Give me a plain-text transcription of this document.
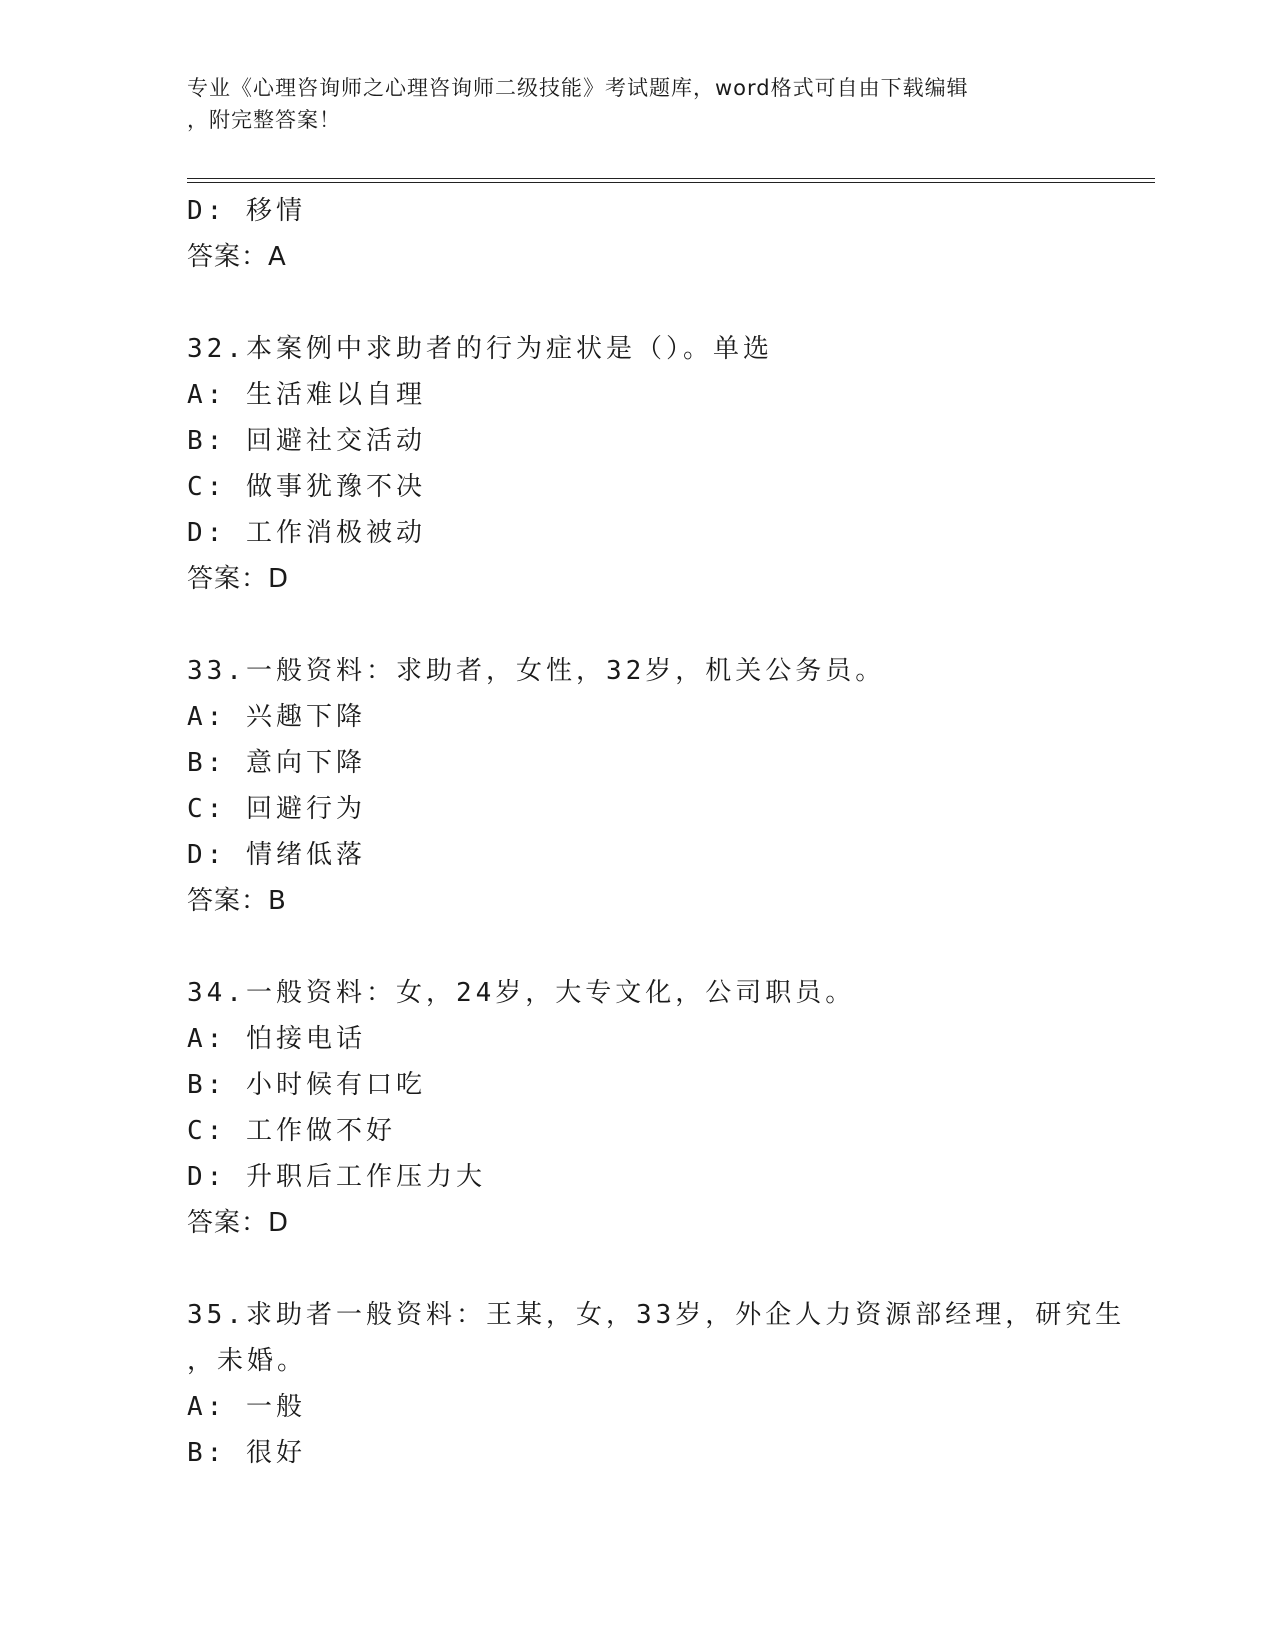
专业《心理咨询师之心理咨询师二级技能》考试题库，word格式可自由下载编辑
，附完整答案！
D: 移情
答案：A
32.本案例中求助者的行为症状是（）。单选
A: 生活难以自理
B: 回避社交活动
C: 做事犹豫不决
D: 工作消极被动
答案：D
33.一般资料：求助者，女性，32岁，机关公务员。
A: 兴趣下降
B: 意向下降
C: 回避行为
D: 情绪低落
答案：B
34.一般资料：女，24岁，大专文化，公司职员。
A: 怕接电话
B: 小时候有口吃
C: 工作做不好
D: 升职后工作压力大
答案：D
35.求助者一般资料：王某，女，33岁，外企人力资源部经理，研究生
，未婚。
A: 一般
B: 很好
